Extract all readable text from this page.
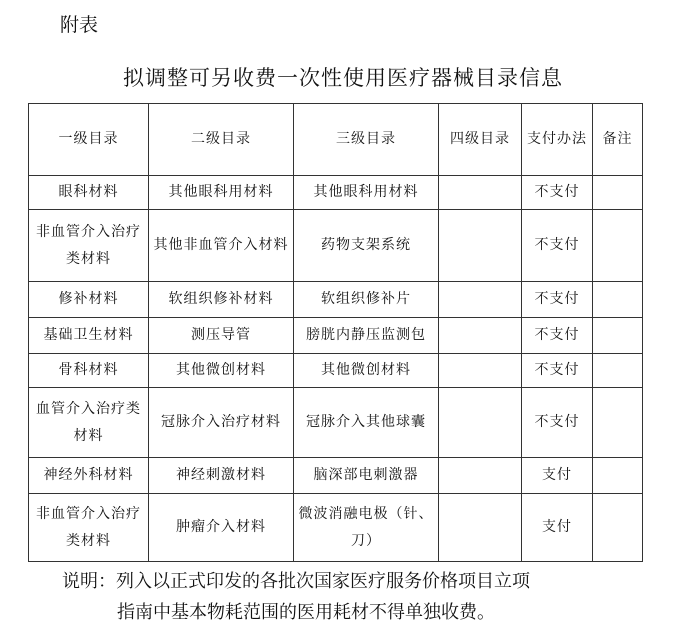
附表
拟调整可另收费一次性使用医疗器械目录信息
一级目录	二级目录	三级目录	四级目录	支付办法	备注
眼科材料	其他眼科用材料	其他眼科用材料		不支付	
非血管介入治疗类材料	其他非血管介入材料	药物支架系统		不支付	
修补材料	软组织修补材料	软组织修补片		不支付	
基础卫生材料	测压导管	膀胱内静压监测包		不支付	
骨科材料	其他微创材料	其他微创材料		不支付	
血管介入治疗类材料	冠脉介入治疗材料	冠脉介入其他球囊		不支付	
神经外科材料	神经刺激材料	脑深部电刺激器		支付	
非血管介入治疗类材料	肿瘤介入材料	微波消融电极（针、刀）		支付	
说明：列入以正式印发的各批次国家医疗服务价格项目立项
指南中基本物耗范围的医用耗材不得单独收费。
